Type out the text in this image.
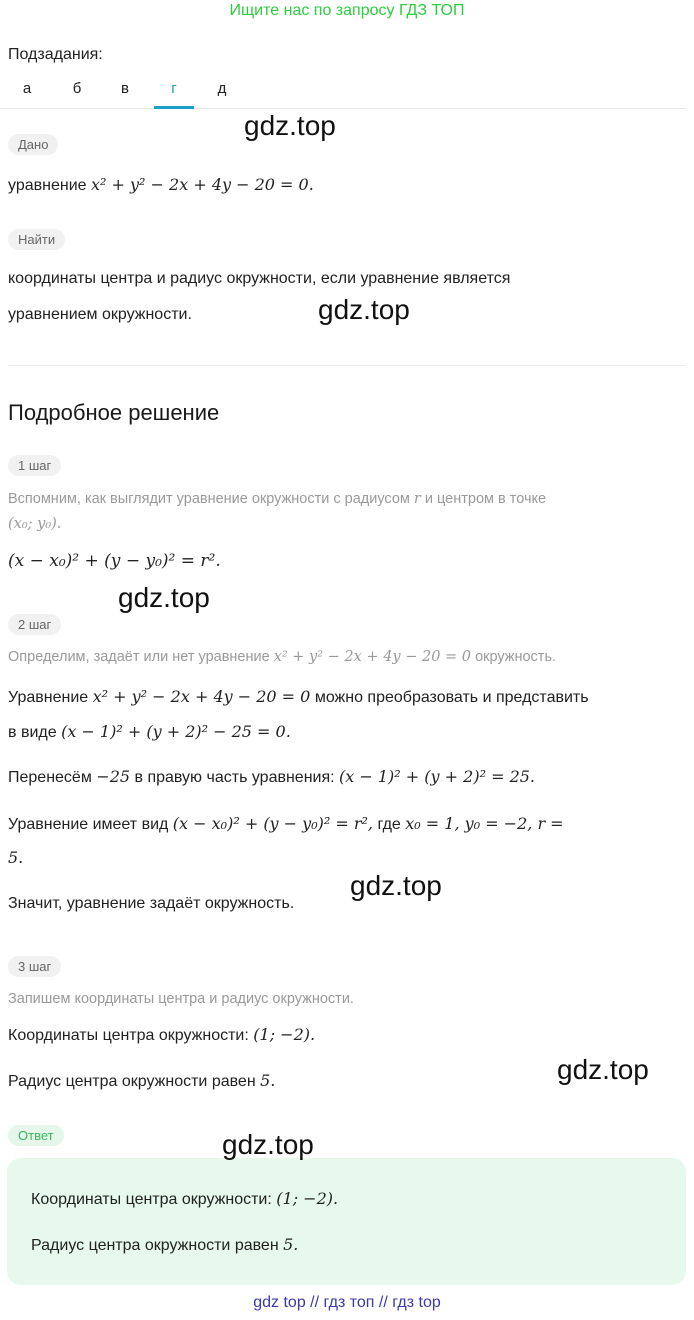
Ищите нас по запросу ГДЗ ТОП
Подзадания:
а	б	в	г	д
Дано
уравнение x² + y² − 2x + 4y − 20 = 0.
Найти
координаты центра и радиус окружности, если уравнение является
уравнением окружности.
Подробное решение
1 шаг
Вспомним, как выглядит уравнение окружности с радиусом r и центром в точке
(x₀; y₀).
(x − x₀)² + (y − y₀)² = r².
2 шаг
Определим, задаёт или нет уравнение x² + y² − 2x + 4y − 20 = 0 окружность.
Уравнение x² + y² − 2x + 4y − 20 = 0 можно преобразовать и представить
в виде (x − 1)² + (y + 2)² − 25 = 0.
Перенесём −25 в правую часть уравнения: (x − 1)² + (y + 2)² = 25.
Уравнение имеет вид (x − x₀)² + (y − y₀)² = r², где x₀ = 1, y₀ = −2, r =
5.
Значит, уравнение задаёт окружность.
3 шаг
Запишем координаты центра и радиус окружности.
Координаты центра окружности: (1; −2).
Радиус центра окружности равен 5.
Ответ
Координаты центра окружности: (1; −2).
Радиус центра окружности равен 5.
gdz.top
gdz.top
gdz.top
gdz.top
gdz.top
gdz.top
gdz top // гдз топ // гдз top
